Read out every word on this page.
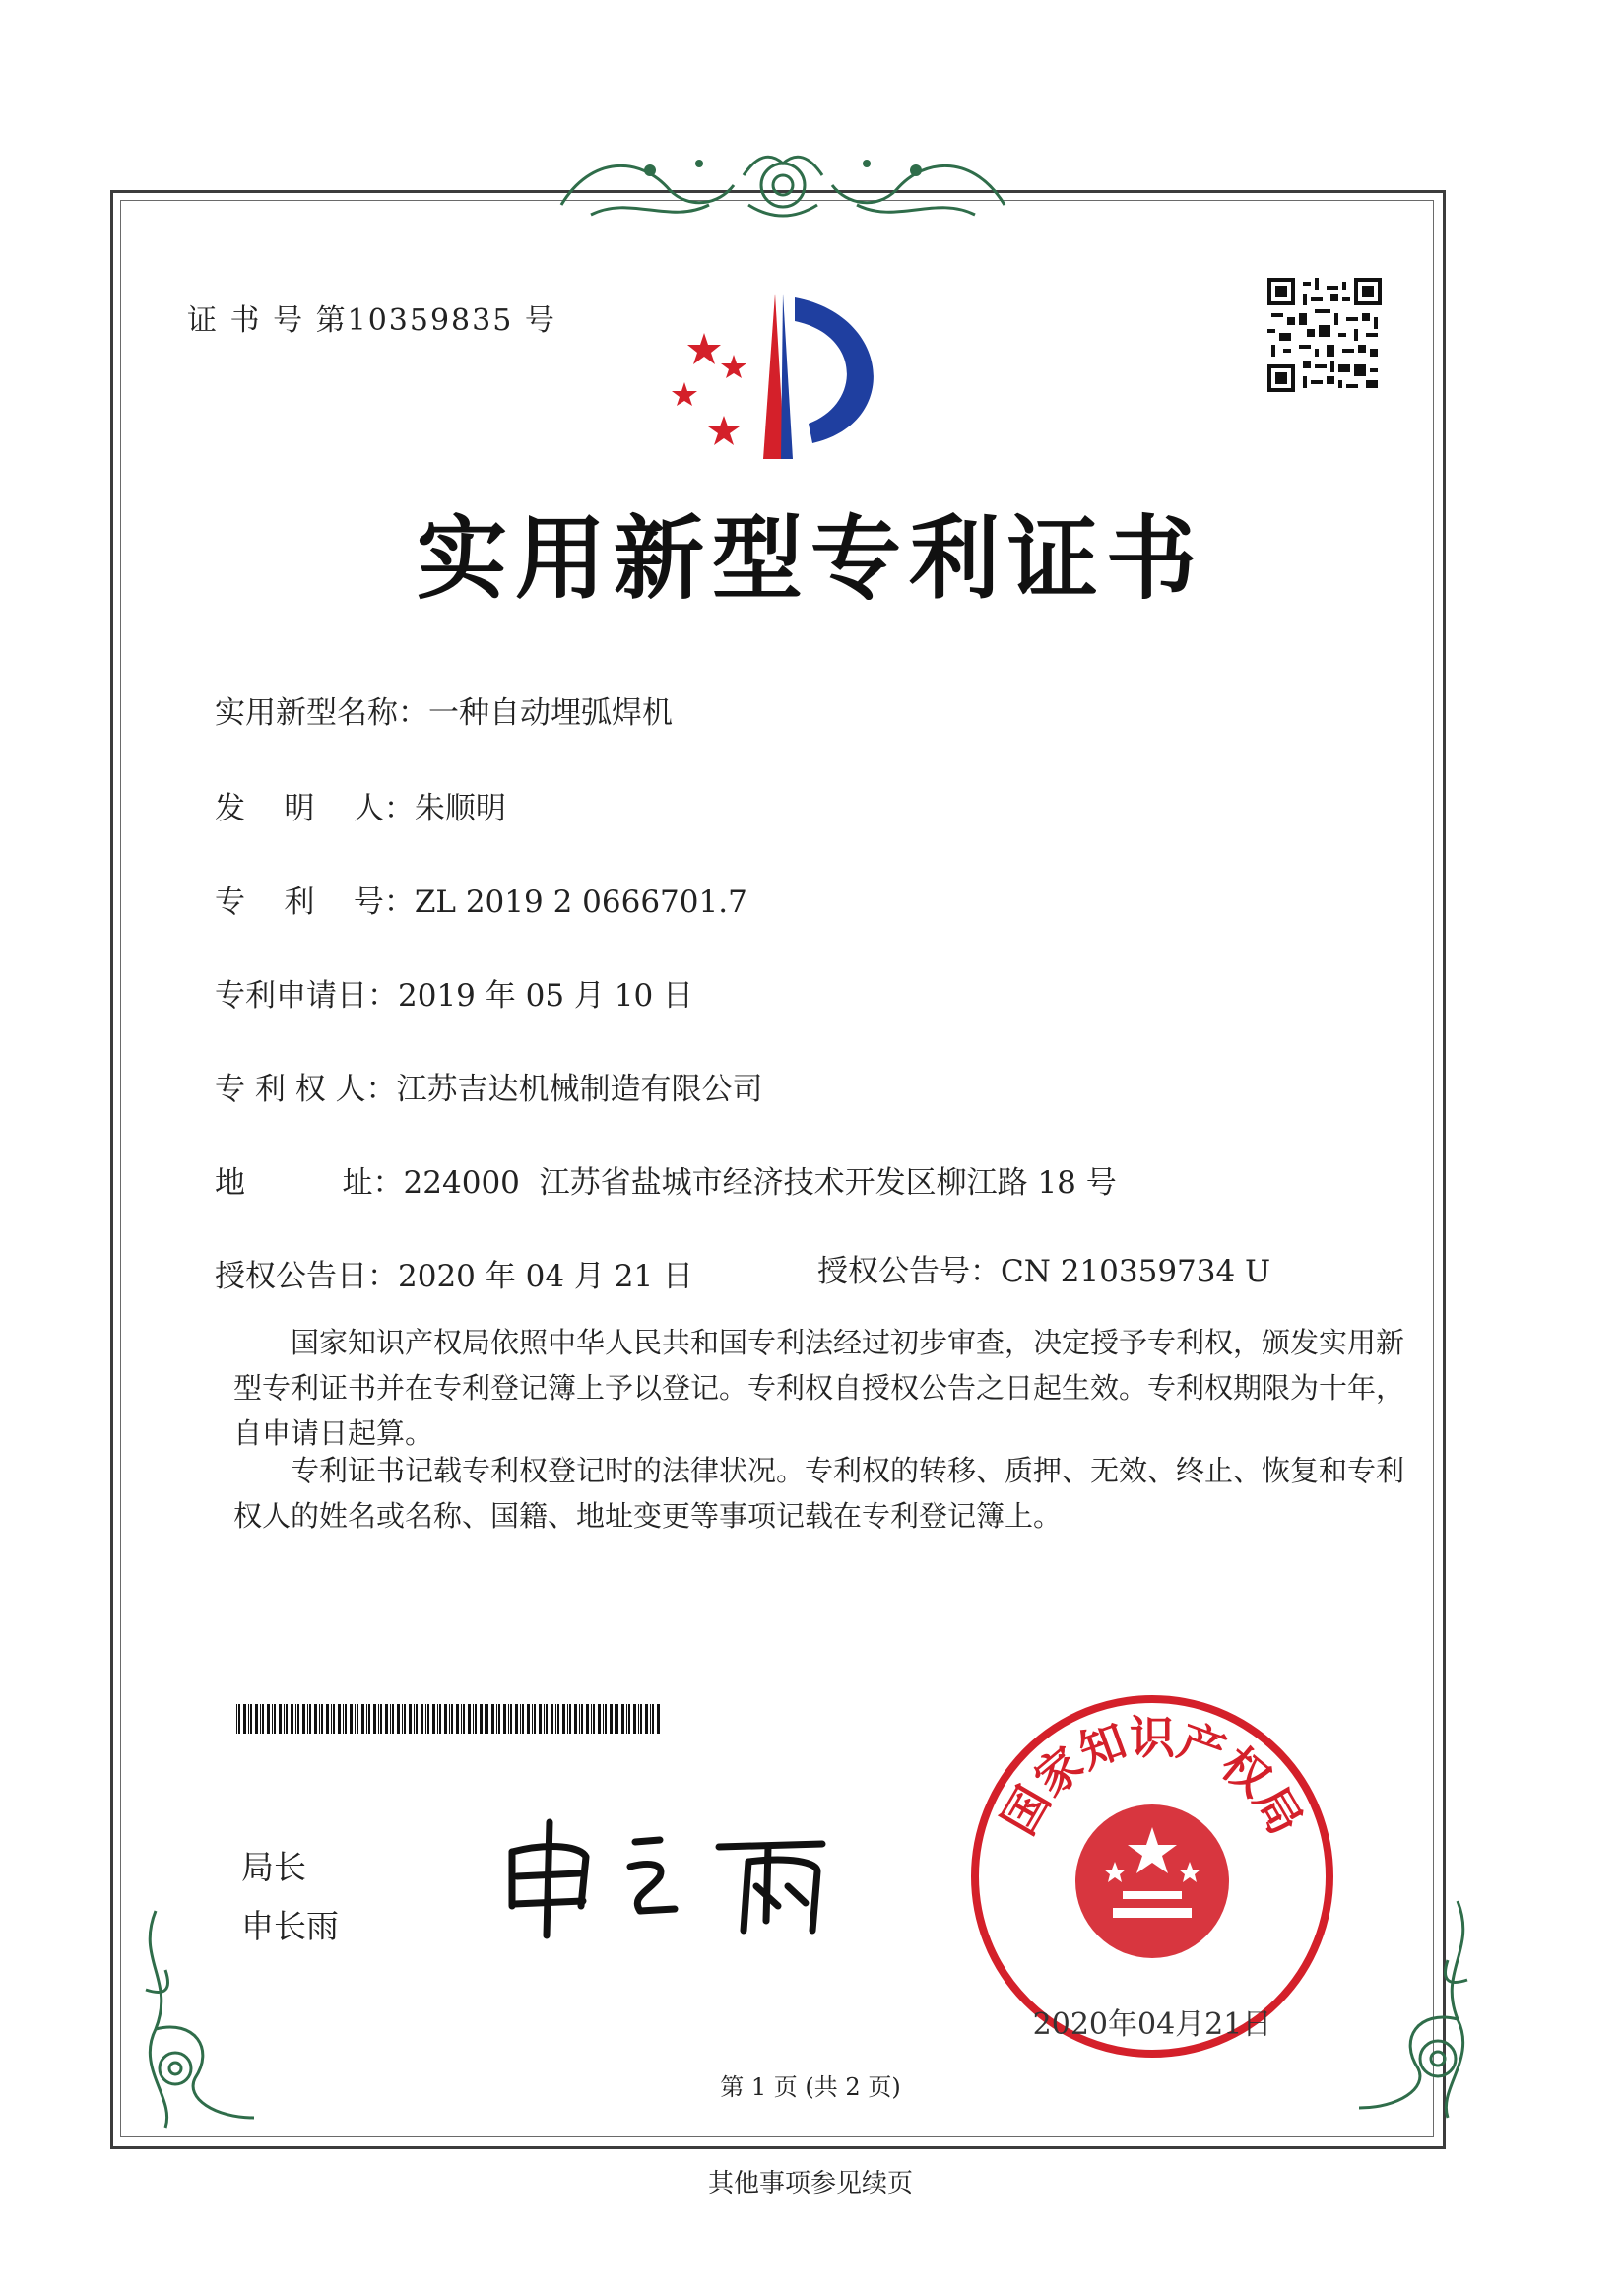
证 书 号 第10359835 号
实用新型专利证书
实用新型名称：一种自动埋弧焊机
发    明    人：朱顺明
专    利    号：ZL 2019 2 0666701.7
专利申请日：2019 年 05 月 10 日
专 利 权 人：江苏吉达机械制造有限公司
地          址：224000  江苏省盐城市经济技术开发区柳江路 18 号
授权公告日：2020 年 04 月 21 日	授权公告号：CN 210359734 U
国家知识产权局依照中华人民共和国专利法经过初步审查，决定授予专利权，颁发实用新型专利证书并在专利登记簿上予以登记。专利权自授权公告之日起生效。专利权期限为十年，自申请日起算。
专利证书记载专利权登记时的法律状况。专利权的转移、质押、无效、终止、恢复和专利权人的姓名或名称、国籍、地址变更等事项记载在专利登记簿上。
局长
申长雨
国家知识产权局
2020年04月21日
第 1 页 (共 2 页)
其他事项参见续页
